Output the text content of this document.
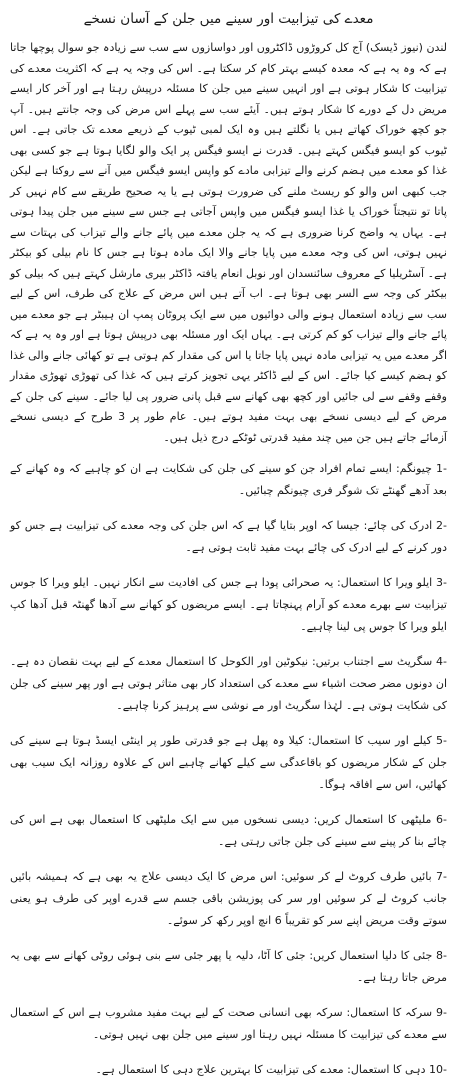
معدے کی تیزابیت اور سینے میں جلن کے آسان نسخے

لندن (نیوز ڈیسک) آج کل کروڑوں ڈاکٹروں اور دواسازوں سے سب سے زیادہ جو سوال پوچھا جاتا ہے کہ وہ یہ ہے کہ معدہ کیسے بہتر کام کر سکتا ہے۔ اس کی وجہ یہ ہے کہ اکثریت معدے کی تیزابیت کا شکار ہوتی ہے اور انہیں سینے میں جلن کا مسئلہ درپیش رہتا ہے اور آخر کار ایسے مریض دل کے دورے کا شکار ہوتے ہیں۔ آیئے سب سے پہلے اس مرض کی وجہ جانتے ہیں۔ آپ جو کچھ خوراک کھاتے ہیں یا نگلتے ہیں وہ ایک لمبی ٹیوب کے ذریعے معدے تک جاتی ہے۔ اس ٹیوب کو ایسو فیگس کہتے ہیں۔ قدرت نے ایسو فیگس پر ایک والو لگایا ہوتا ہے جو کسی بھی غذا کو معدے میں ہضم کرنے والے تیزابی مادے کو واپس ایسو فیگس میں آنے سے روکتا ہے لیکن جب کبھی اس والو کو ریسٹ ملنے کی ضرورت ہوتی ہے یا یہ صحیح طریقے سے کام نہیں کر پاتا تو نتیجتاً خوراک یا غذا ایسو فیگس میں واپس آجاتی ہے جس سے سینے میں جلن پیدا ہوتی ہے۔ یہاں یہ واضح کرنا ضروری ہے کہ یہ جلن معدے میں پائے جانے والے تیزاب کی بہتات سے نہیں ہوتی، اس کی وجہ معدے میں پایا جانے والا ایک مادہ ہوتا ہے جس کا نام بیلی کو بیکٹر ہے۔ آسٹریلیا کے معروف سائنسدان اور نوبل انعام یافتہ ڈاکٹر بیری مارشل کہتے ہیں کہ بیلی کو بیکٹر کی وجہ سے السر بھی ہوتا ہے۔ اب آتے ہیں اس مرض کے علاج کی طرف، اس کے لیے سب سے زیادہ استعمال ہونے والی دوائیوں میں سے ایک پروٹان پمپ ان ہیبٹر ہے جو معدے میں پائے جانے والے تیزاب کو کم کرتی ہے۔ یہاں ایک اور مسئلہ بھی درپیش ہوتا ہے اور وہ یہ ہے کہ اگر معدے میں یہ تیزابی مادہ نہیں پایا جاتا یا اس کی مقدار کم ہوتی ہے تو کھائی جانے والی غذا کو ہضم کیسے کیا جائے۔ اس کے لیے ڈاکٹر یہی تجویز کرتے ہیں کہ غذا کی تھوڑی تھوڑی مقدار وقفے وقفے سے لی جائیں اور کچھ بھی کھانے سے قبل پانی ضرور پی لیا جائے۔ سینے کی جلن کے مرض کے لیے دیسی نسخے بھی بہت مفید ہوتے ہیں۔ عام طور پر 3 طرح کے دیسی نسخے آزمائے جاتے ہیں جن میں چند مفید قدرتی ٹوٹکے درج ذیل ہیں۔

-1 چیونگم: ایسے تمام افراد جن کو سینے کی جلن کی شکایت ہے ان کو چاہیے کہ وہ کھانے کے بعد آدھے گھنٹے تک شوگر فری چیونگم چبائیں۔

-2 ادرک کی چائے: جیسا کہ اوپر بتایا گیا ہے کہ اس جلن کی وجہ معدے کی تیزابیت ہے جس کو دور کرنے کے لیے ادرک کی چائے بہت مفید ثابت ہوتی ہے۔

-3 ایلو ویرا کا استعمال: یہ صحرائی پودا ہے جس کی افادیت سے انکار نہیں۔ ایلو ویرا کا جوس تیزابیت سے بھرے معدے کو آرام پہنچاتا ہے۔ ایسے مریضوں کو کھانے سے آدھا گھنٹہ قبل آدھا کپ ایلو ویرا کا جوس پی لینا چاہیے۔

-4 سگریٹ سے اجتناب برتیں: نیکوٹین اور الکوحل کا استعمال معدے کے لیے بہت نقصان دہ ہے۔ ان دونوں مضر صحت اشیاء سے معدے کی استعداد کار بھی متاثر ہوتی ہے اور پھر سینے کی جلن کی شکایت ہوتی ہے۔ لہٰذا سگریٹ اور مے نوشی سے پرہیز کرنا چاہیے۔

-5 کیلے اور سیب کا استعمال: کیلا وہ پھل ہے جو قدرتی طور پر اینٹی ایسڈ ہوتا ہے سینے کی جلن کے شکار مریضوں کو باقاعدگی سے کیلے کھانے چاہیے اس کے علاوہ روزانہ ایک سیب بھی کھائیں، اس سے افاقہ ہوگا۔

-6 ملیٹھی کا استعمال کریں: دیسی نسخوں میں سے ایک ملیٹھی کا استعمال بھی ہے اس کی چائے بنا کر پینے سے سینے کی جلن جاتی رہتی ہے۔

-7 بائیں طرف کروٹ لے کر سوئیں: اس مرض کا ایک دیسی علاج یہ بھی ہے کہ ہمیشہ بائیں جانب کروٹ لے کر سوئیں اور سر کی پوزیشن باقی جسم سے قدرے اوپر کی طرف ہو یعنی سوتے وقت مریض اپنے سر کو تقریباً 6 انچ اوپر رکھ کر سوئے۔

-8 جئی کا دلیا استعمال کریں: جئی کا آٹا، دلیہ یا پھر جئی سے بنی ہوئی روٹی کھانے سے بھی یہ مرض جاتا رہتا ہے۔

-9 سرکہ کا استعمال: سرکہ بھی انسانی صحت کے لیے بہت مفید مشروب ہے اس کے استعمال سے معدے کی تیزابیت کا مسئلہ نہیں رہتا اور سینے میں جلن بھی نہیں ہوتی۔

-10 دہی کا استعمال: معدے کی تیزابیت کا بہترین علاج دہی کا استعمال ہے۔
